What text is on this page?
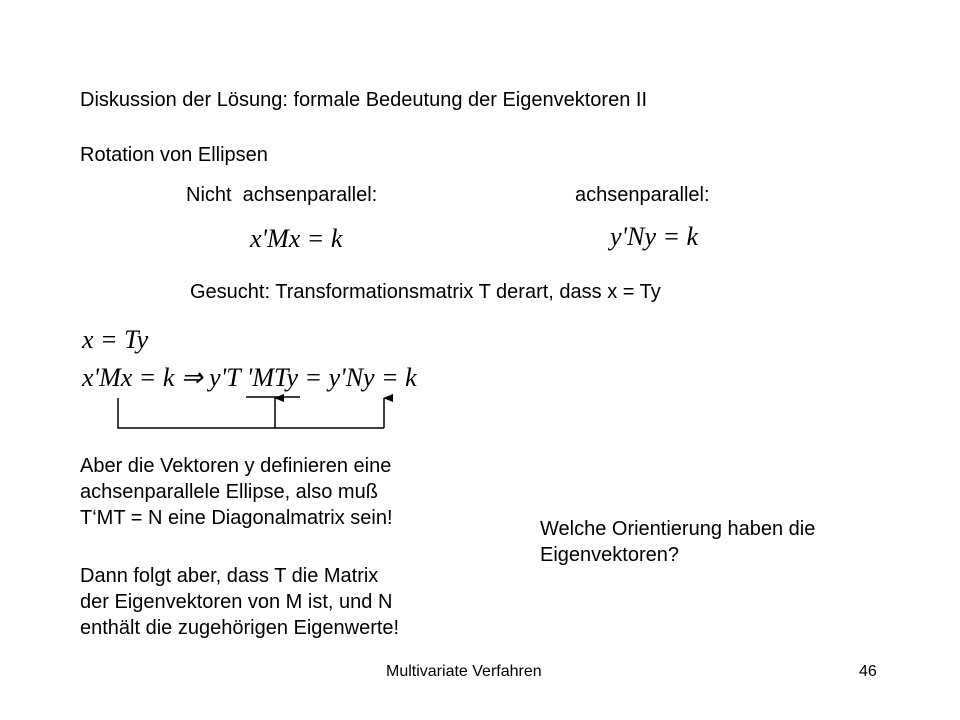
Diskussion der Lösung: formale Bedeutung der Eigenvektoren II
Rotation von Ellipsen
Nicht  achsenparallel:	achsenparallel:
x'Mx = k	y'Ny = k
Gesucht: Transformationsmatrix T derart, dass x = Ty
x = Ty
x'Mx = k ⇒ y'T 'MTy = y'Ny = k
Aber die Vektoren y definieren eine
achsenparallele Ellipse, also muß
T‘MT = N eine Diagonalmatrix sein!
Dann folgt aber, dass T die Matrix
der Eigenvektoren von M ist, und N
enthält die zugehörigen Eigenwerte!
Welche Orientierung haben die
Eigenvektoren?
Multivariate Verfahren	46
